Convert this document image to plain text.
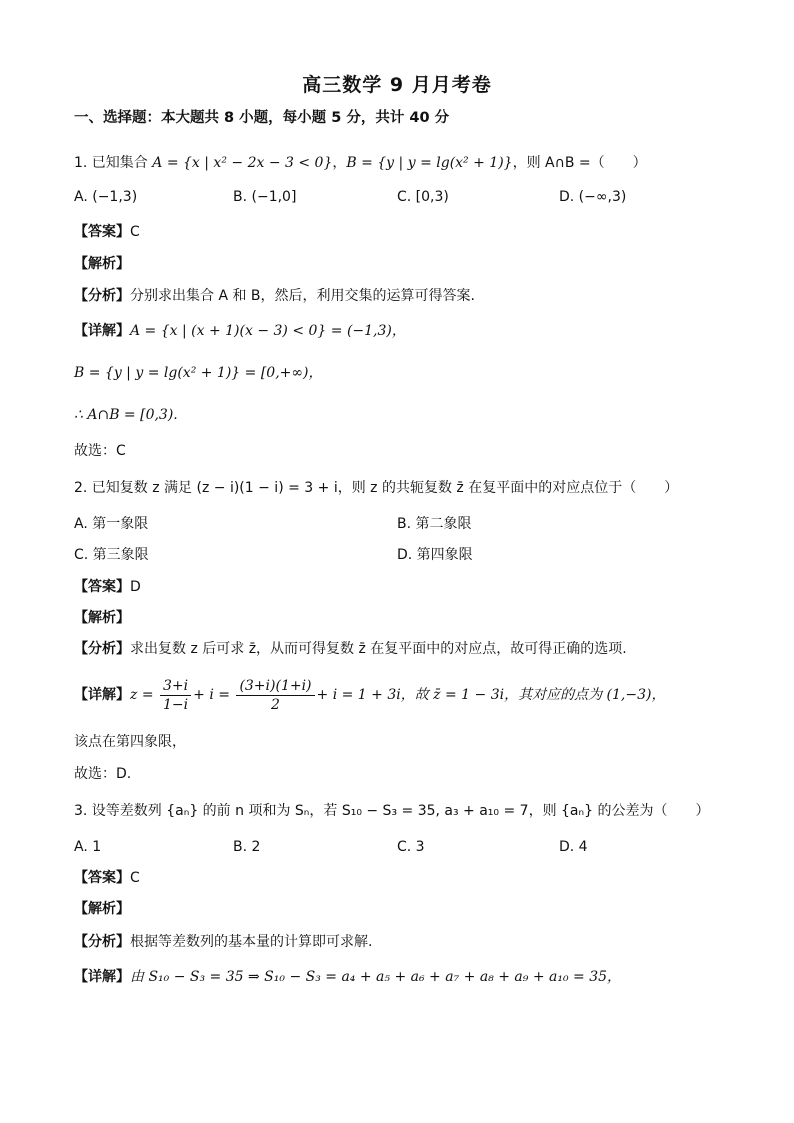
高三数学 9 月月考卷
一、选择题：本大题共 8 小题，每小题 5 分，共计 40 分
1. 已知集合 A = {x | x² − 2x − 3 < 0}，B = {y | y = lg(x² + 1)}，则 A∩B =（　　）
A. (−1,3)	B. (−1,0]	C. [0,3)	D. (−∞,3)
【答案】C
【解析】
【分析】分别求出集合 A 和 B，然后，利用交集的运算可得答案.
【详解】A = {x | (x + 1)(x − 3) < 0} = (−1,3)，
B = {y | y = lg(x² + 1)} = [0,+∞)，
∴ A∩B = [0,3).
故选：C
2. 已知复数 z 满足 (z − i)(1 − i) = 3 + i，则 z 的共轭复数 z̄ 在复平面中的对应点位于（　　）
A. 第一象限	B. 第二象限
C. 第三象限	D. 第四象限
【答案】D
【解析】
【分析】求出复数 z 后可求 z̄，从而可得复数 z̄ 在复平面中的对应点，故可得正确的选项.
【详解】$z = \frac{3+i}{1-i} + i = \frac{(3+i)(1+i)}{2} + i = 1 + 3i$，故 z̄ = 1 − 3i，其对应的点为 (1,−3)，
该点在第四象限，
故选：D.
3. 设等差数列 {aₙ} 的前 n 项和为 Sₙ，若 S₁₀ − S₃ = 35, a₃ + a₁₀ = 7，则 {aₙ} 的公差为（　　）
A. 1	B. 2	C. 3	D. 4
【答案】C
【解析】
【分析】根据等差数列的基本量的计算即可求解.
【详解】由 S₁₀ − S₃ = 35 ⇒ S₁₀ − S₃ = a₄ + a₅ + a₆ + a₇ + a₈ + a₉ + a₁₀ = 35，
